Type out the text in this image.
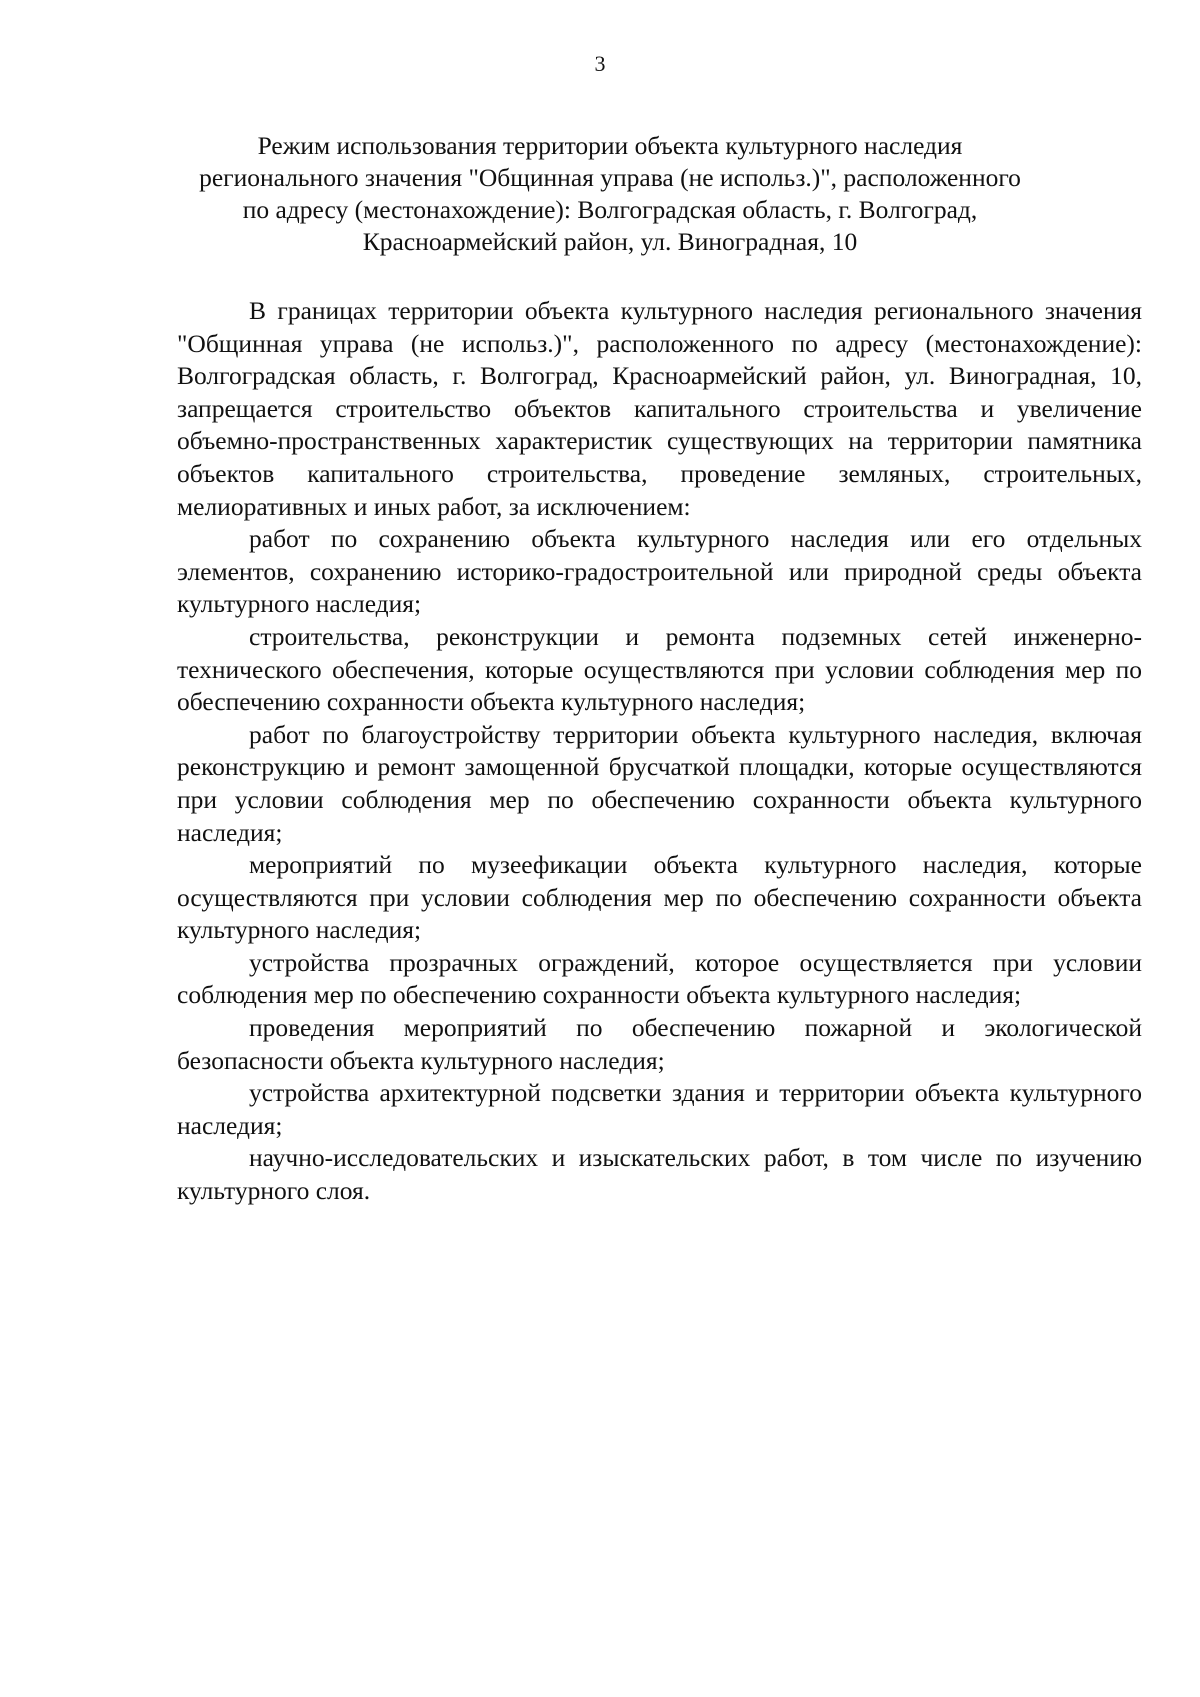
3
Режим использования территории объекта культурного наследия
регионального значения "Общинная управа (не использ.)", расположенного
по адресу (местонахождение): Волгоградская область, г. Волгоград,
Красноармейский район, ул. Виноградная, 10

В границах территории объекта культурного наследия регионального значения "Общинная управа (не использ.)", расположенного по адресу (местонахождение): Волгоградская область, г. Волгоград, Красноармейский район, ул. Виноградная, 10, запрещается строительство объектов капитального строительства и увеличение объемно-пространственных характеристик существующих на территории памятника объектов капитального строительства, проведение земляных, строительных, мелиоративных и иных работ, за исключением:

работ по сохранению объекта культурного наследия или его отдельных элементов, сохранению историко-градостроительной или природной среды объекта культурного наследия;

строительства, реконструкции и ремонта подземных сетей инженерно-технического обеспечения, которые осуществляются при условии соблюдения мер по обеспечению сохранности объекта культурного наследия;

работ по благоустройству территории объекта культурного наследия, включая реконструкцию и ремонт замощенной брусчаткой площадки, которые осуществляются при условии соблюдения мер по обеспечению сохранности объекта культурного наследия;

мероприятий по музеефикации объекта культурного наследия, которые осуществляются при условии соблюдения мер по обеспечению сохранности объекта культурного наследия;

устройства прозрачных ограждений, которое осуществляется при условии соблюдения мер по обеспечению сохранности объекта культурного наследия;

проведения мероприятий по обеспечению пожарной и экологической безопасности объекта культурного наследия;

устройства архитектурной подсветки здания и территории объекта культурного наследия;

научно-исследовательских и изыскательских работ, в том числе по изучению культурного слоя.
